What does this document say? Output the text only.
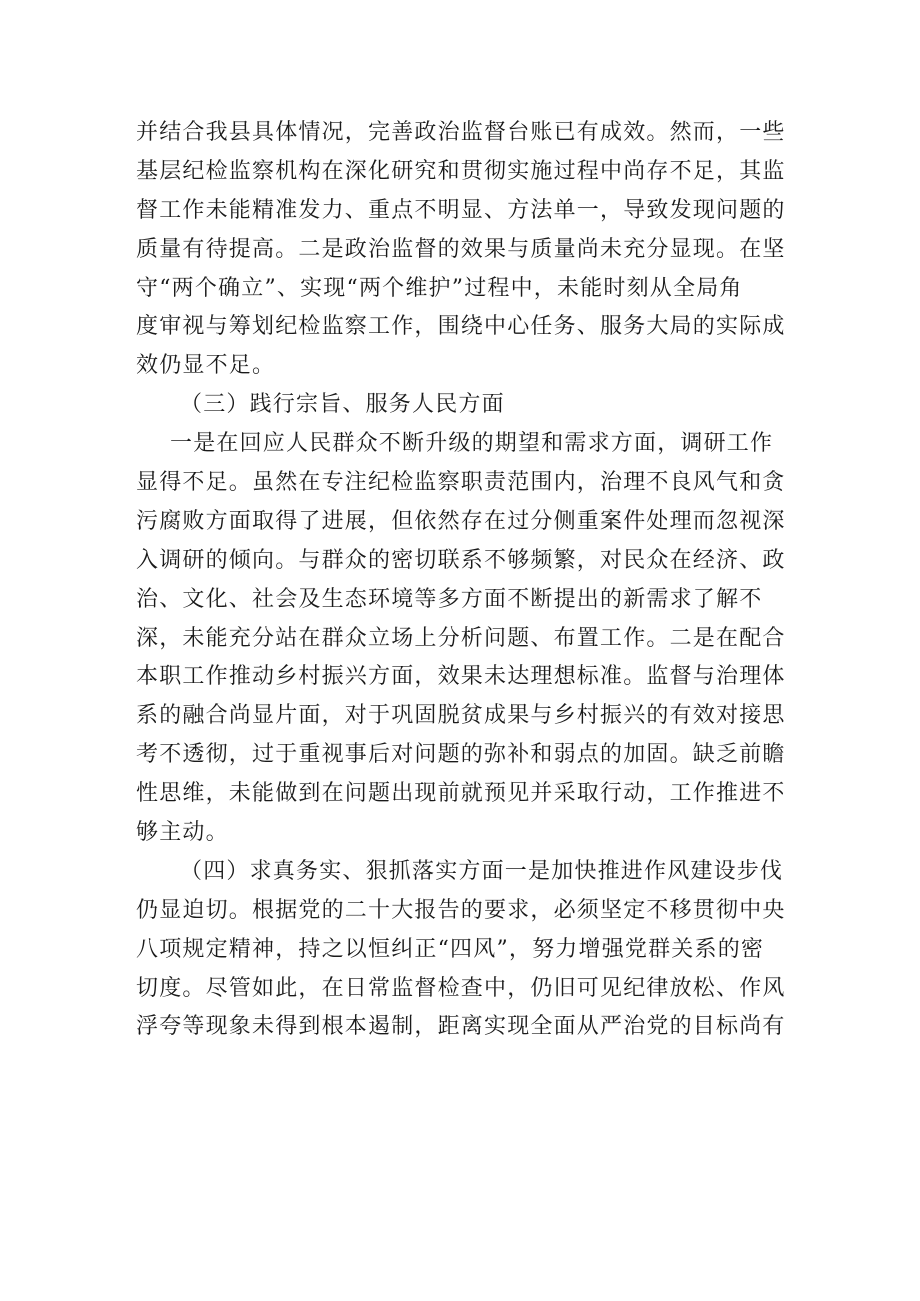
并结合我县具体情况，完善政治监督台账已有成效。然而，一些
基层纪检监察机构在深化研究和贯彻实施过程中尚存不足，其监
督工作未能精准发力、重点不明显、方法单一，导致发现问题的
质量有待提高。二是政治监督的效果与质量尚未充分显现。在坚
守“两个确立”、实现“两个维护”过程中，未能时刻从全局角
度审视与筹划纪检监察工作，围绕中心任务、服务大局的实际成
效仍显不足。
（三）践行宗旨、服务人民方面
一是在回应人民群众不断升级的期望和需求方面，调研工作
显得不足。虽然在专注纪检监察职责范围内，治理不良风气和贪
污腐败方面取得了进展，但依然存在过分侧重案件处理而忽视深
入调研的倾向。与群众的密切联系不够频繁，对民众在经济、政
治、文化、社会及生态环境等多方面不断提出的新需求了解不
深，未能充分站在群众立场上分析问题、布置工作。二是在配合
本职工作推动乡村振兴方面，效果未达理想标准。监督与治理体
系的融合尚显片面，对于巩固脱贫成果与乡村振兴的有效对接思
考不透彻，过于重视事后对问题的弥补和弱点的加固。缺乏前瞻
性思维，未能做到在问题出现前就预见并采取行动，工作推进不
够主动。
（四）求真务实、狠抓落实方面一是加快推进作风建设步伐
仍显迫切。根据党的二十大报告的要求，必须坚定不移贯彻中央
八项规定精神，持之以恒纠正“四风”，努力增强党群关系的密
切度。尽管如此，在日常监督检查中，仍旧可见纪律放松、作风
浮夸等现象未得到根本遏制，距离实现全面从严治党的目标尚有
